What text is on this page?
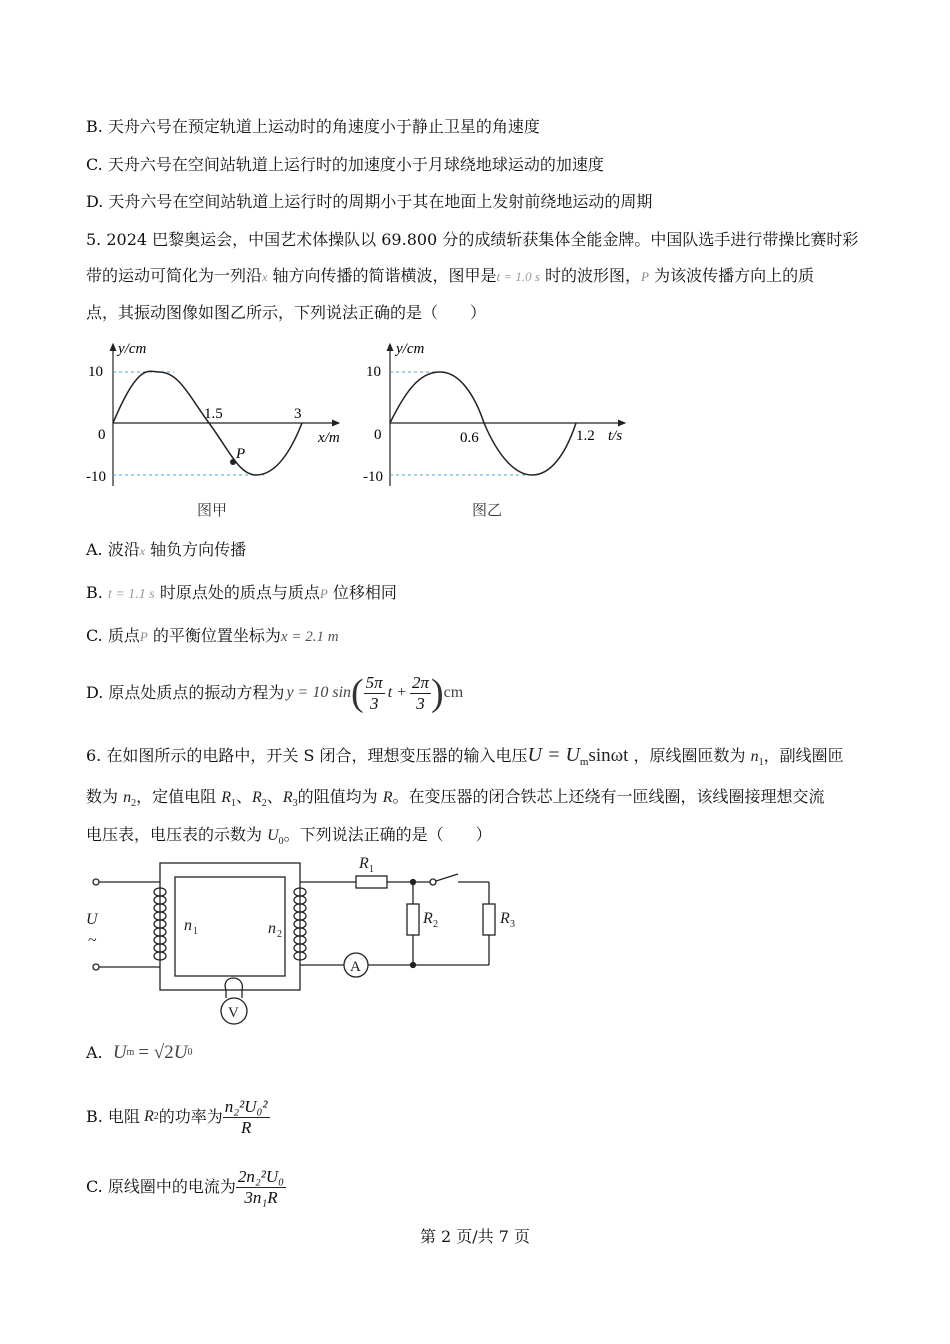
B. 天舟六号在预定轨道上运动时的角速度小于静止卫星的角速度
C. 天舟六号在空间站轨道上运行时的加速度小于月球绕地球运动的加速度
D. 天舟六号在空间站轨道上运行时的周期小于其在地面上发射前绕地运动的周期
5. 2024 巴黎奥运会，中国艺术体操队以 69.800 分的成绩斩获集体全能金牌。中国队选手进行带操比赛时彩
带的运动可简化为一列沿x 轴方向传播的简谐横波，图甲是t = 1.0 s 时的波形图，P 为该波传播方向上的质
点，其振动图像如图乙所示，下列说法正确的是（　　）
y/cm
10
0
-10
1.5	3
x/m
P
图甲
y/cm
10
0
-10
0.6	1.2 t/s
图乙
A. 波沿x 轴负方向传播
B. t = 1.1 s 时原点处的质点与质点P 位移相同
C. 质点P 的平衡位置坐标为x = 2.1 m
D. 原点处质点的振动方程为 y = 10 sin ( $\frac{5\pi}{3}$ $t + \frac{2\pi}{3}$ ) cm
6. 在如图所示的电路中，开关 S 闭合，理想变压器的输入电压$U = U_m\sin\omega t$ ，原线圈匝数为 $n_1$，副线圈匝
数为 $n_2$，定值电阻 $R_1$、$R_2$、$R_3$的阻值均为 R。在变压器的闭合铁芯上还绕有一匝线圈，该线圈接理想交流
电压表，电压表的示数为 $U_0$。下列说法正确的是（　　）
U
~
n 1	n 2
R 1
R 2	R 3
A
V
A.
U m = √2 U 0
B. 电阻 R 2 的功率为 $\frac{\text{n₂²U₀²}}{R}$
C. 原线圈中的电流为 $\frac{\text{2n₂²U₀}}{\text{3n₁R}}$
第 2 页/共 7 页
